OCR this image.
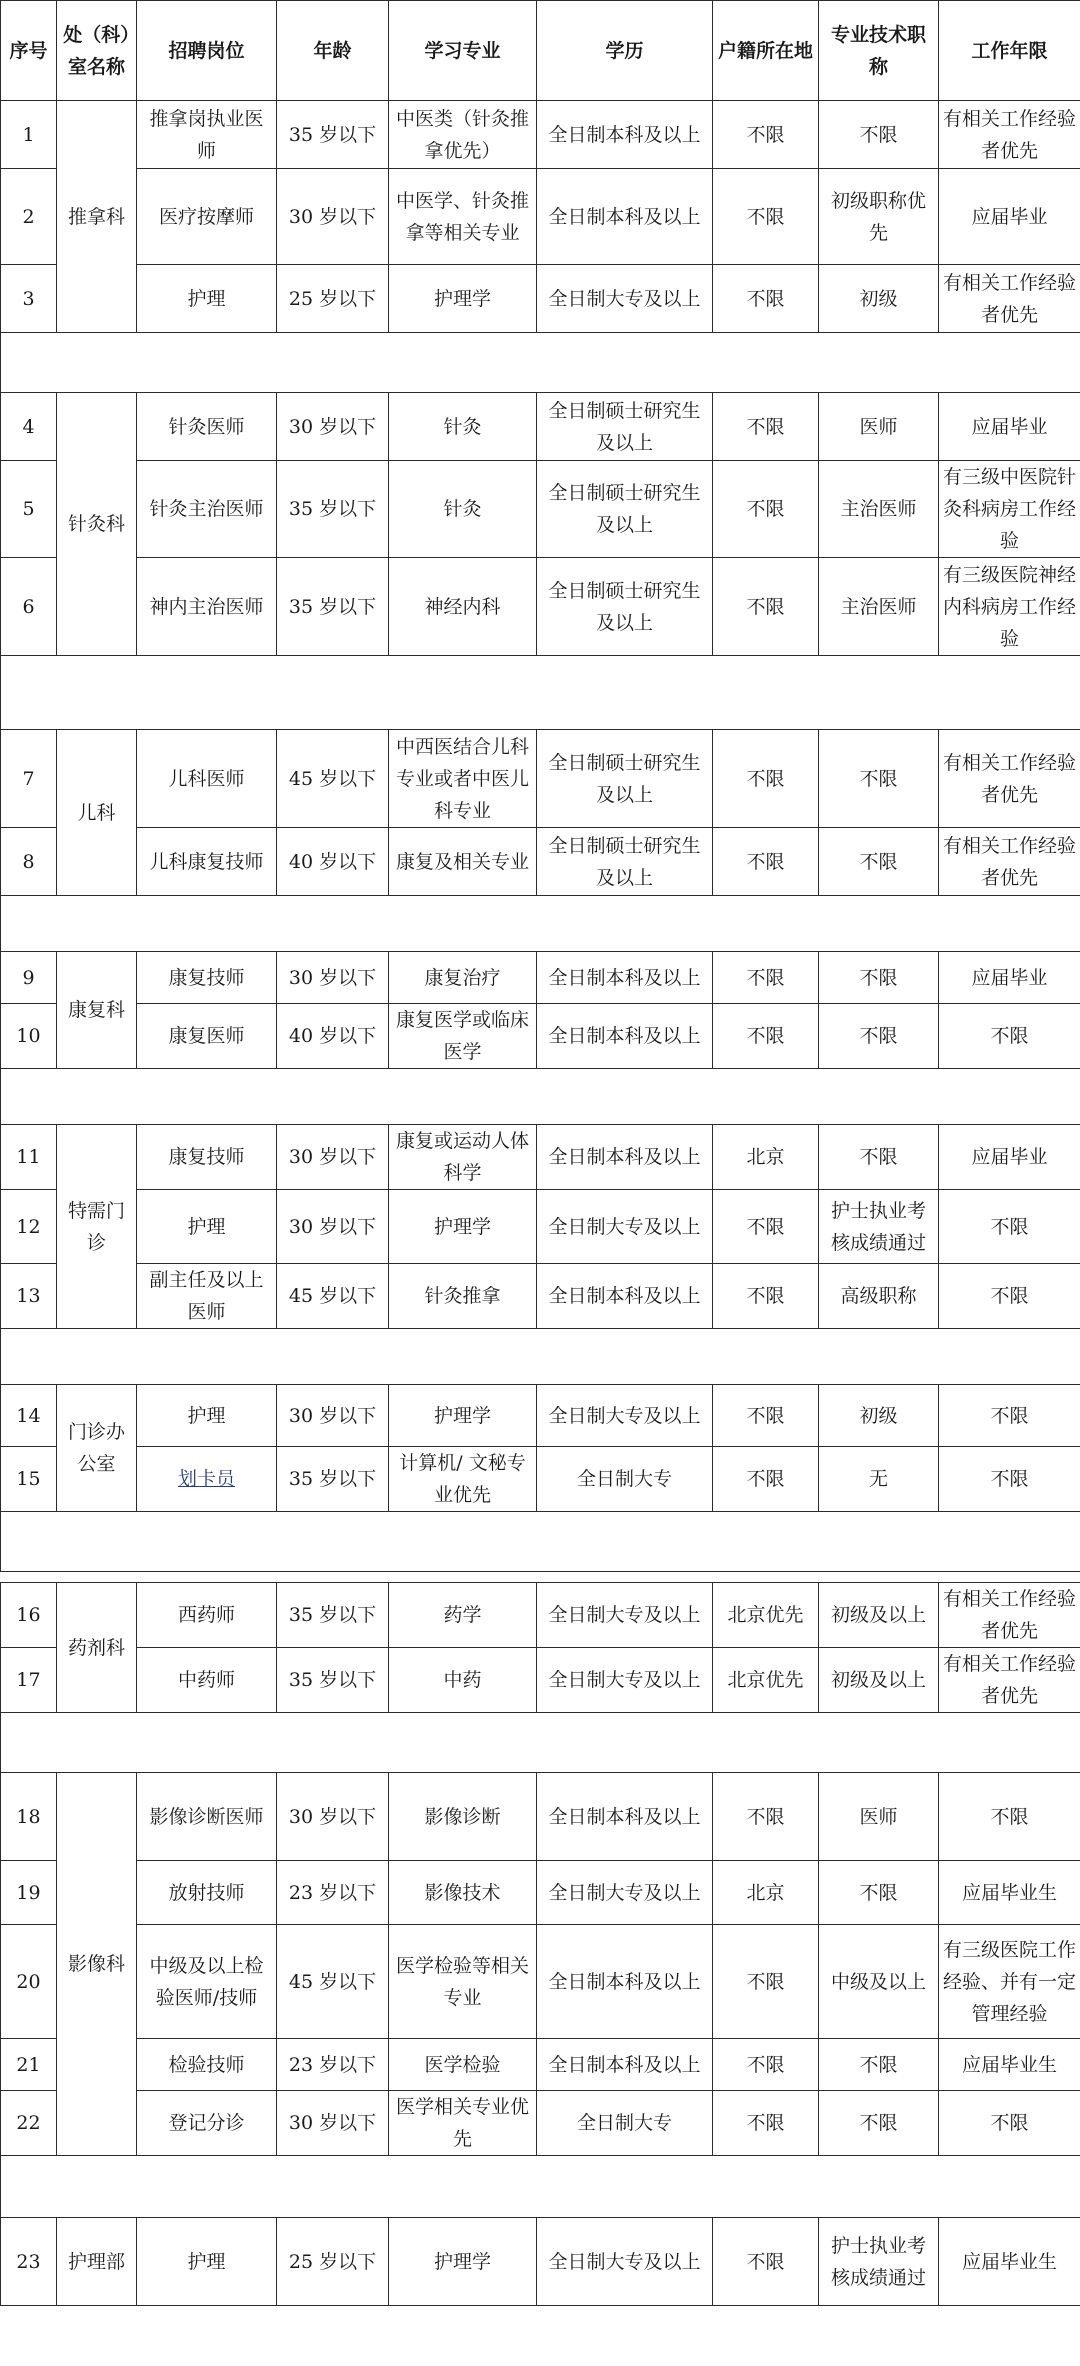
序号	处（科）室名称	招聘岗位	年龄	学习专业	学历	户籍所在地	专业技术职称	工作年限
1	推拿科	推拿岗执业医师	35 岁以下	中医类（针灸推拿优先）	全日制本科及以上	不限	不限	有相关工作经验者优先
2		医疗按摩师	30 岁以下	中医学、针灸推拿等相关专业	全日制本科及以上	不限	初级职称优先	应届毕业
3		护理	25 岁以下	护理学	全日制大专及以上	不限	初级	有相关工作经验者优先

4	针灸科	针灸医师	30 岁以下	针灸	全日制硕士研究生及以上	不限	医师	应届毕业
5		针灸主治医师	35 岁以下	针灸	全日制硕士研究生及以上	不限	主治医师	有三级中医院针灸科病房工作经验
6		神内主治医师	35 岁以下	神经内科	全日制硕士研究生及以上	不限	主治医师	有三级医院神经内科病房工作经验

7	儿科	儿科医师	45 岁以下	中西医结合儿科专业或者中医儿科专业	全日制硕士研究生及以上	不限	不限	有相关工作经验者优先
8		儿科康复技师	40 岁以下	康复及相关专业	全日制硕士研究生及以上	不限	不限	有相关工作经验者优先

9	康复科	康复技师	30 岁以下	康复治疗	全日制本科及以上	不限	不限	应届毕业
10		康复医师	40 岁以下	康复医学或临床医学	全日制本科及以上	不限	不限	不限

11	特需门诊	康复技师	30 岁以下	康复或运动人体科学	全日制本科及以上	北京	不限	应届毕业
12		护理	30 岁以下	护理学	全日制大专及以上	不限	护士执业考核成绩通过	不限
13		副主任及以上医师	45 岁以下	针灸推拿	全日制本科及以上	不限	高级职称	不限

14	门诊办公室	护理	30 岁以下	护理学	全日制大专及以上	不限	初级	不限
15		划卡员	35 岁以下	计算机/ 文秘专业优先	全日制大专	不限	无	不限

16	药剂科	西药师	35 岁以下	药学	全日制大专及以上	北京优先	初级及以上	有相关工作经验者优先
17		中药师	35 岁以下	中药	全日制大专及以上	北京优先	初级及以上	有相关工作经验者优先

18	影像科	影像诊断医师	30 岁以下	影像诊断	全日制本科及以上	不限	医师	不限
19		放射技师	23 岁以下	影像技术	全日制大专及以上	北京	不限	应届毕业生
20		中级及以上检验医师/技师	45 岁以下	医学检验等相关专业	全日制本科及以上	不限	中级及以上	有三级医院工作经验、并有一定管理经验
21		检验技师	23 岁以下	医学检验	全日制本科及以上	不限	不限	应届毕业生
22		登记分诊	30 岁以下	医学相关专业优先	全日制大专	不限	不限	不限

23	护理部	护理	25 岁以下	护理学	全日制大专及以上	不限	护士执业考核成绩通过	应届毕业生
